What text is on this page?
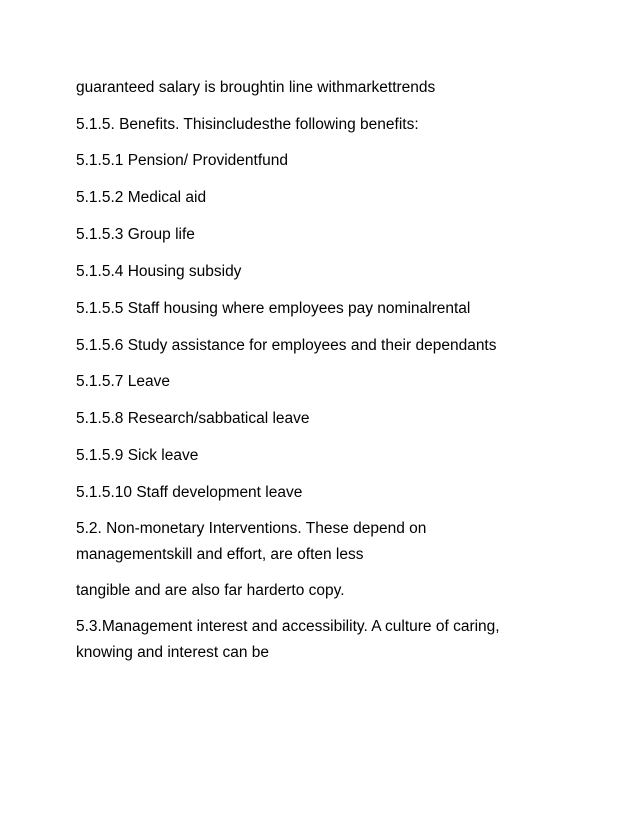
guaranteed salary is broughtin line withmarkettrends
5.1.5. Benefits. Thisincludesthe following benefits:
5.1.5.1 Pension/ Providentfund
5.1.5.2 Medical aid
5.1.5.3 Group life
5.1.5.4 Housing subsidy
5.1.5.5 Staff housing where employees pay nominalrental
5.1.5.6 Study assistance for employees and their dependants
5.1.5.7 Leave
5.1.5.8 Research/sabbatical leave
5.1.5.9 Sick leave
5.1.5.10 Staff development leave
5.2. Non-monetary Interventions. These depend on
managementskill and effort, are often less
tangible and are also far harderto copy.
5.3.Management interest and accessibility. A culture of caring,
knowing and interest can be
